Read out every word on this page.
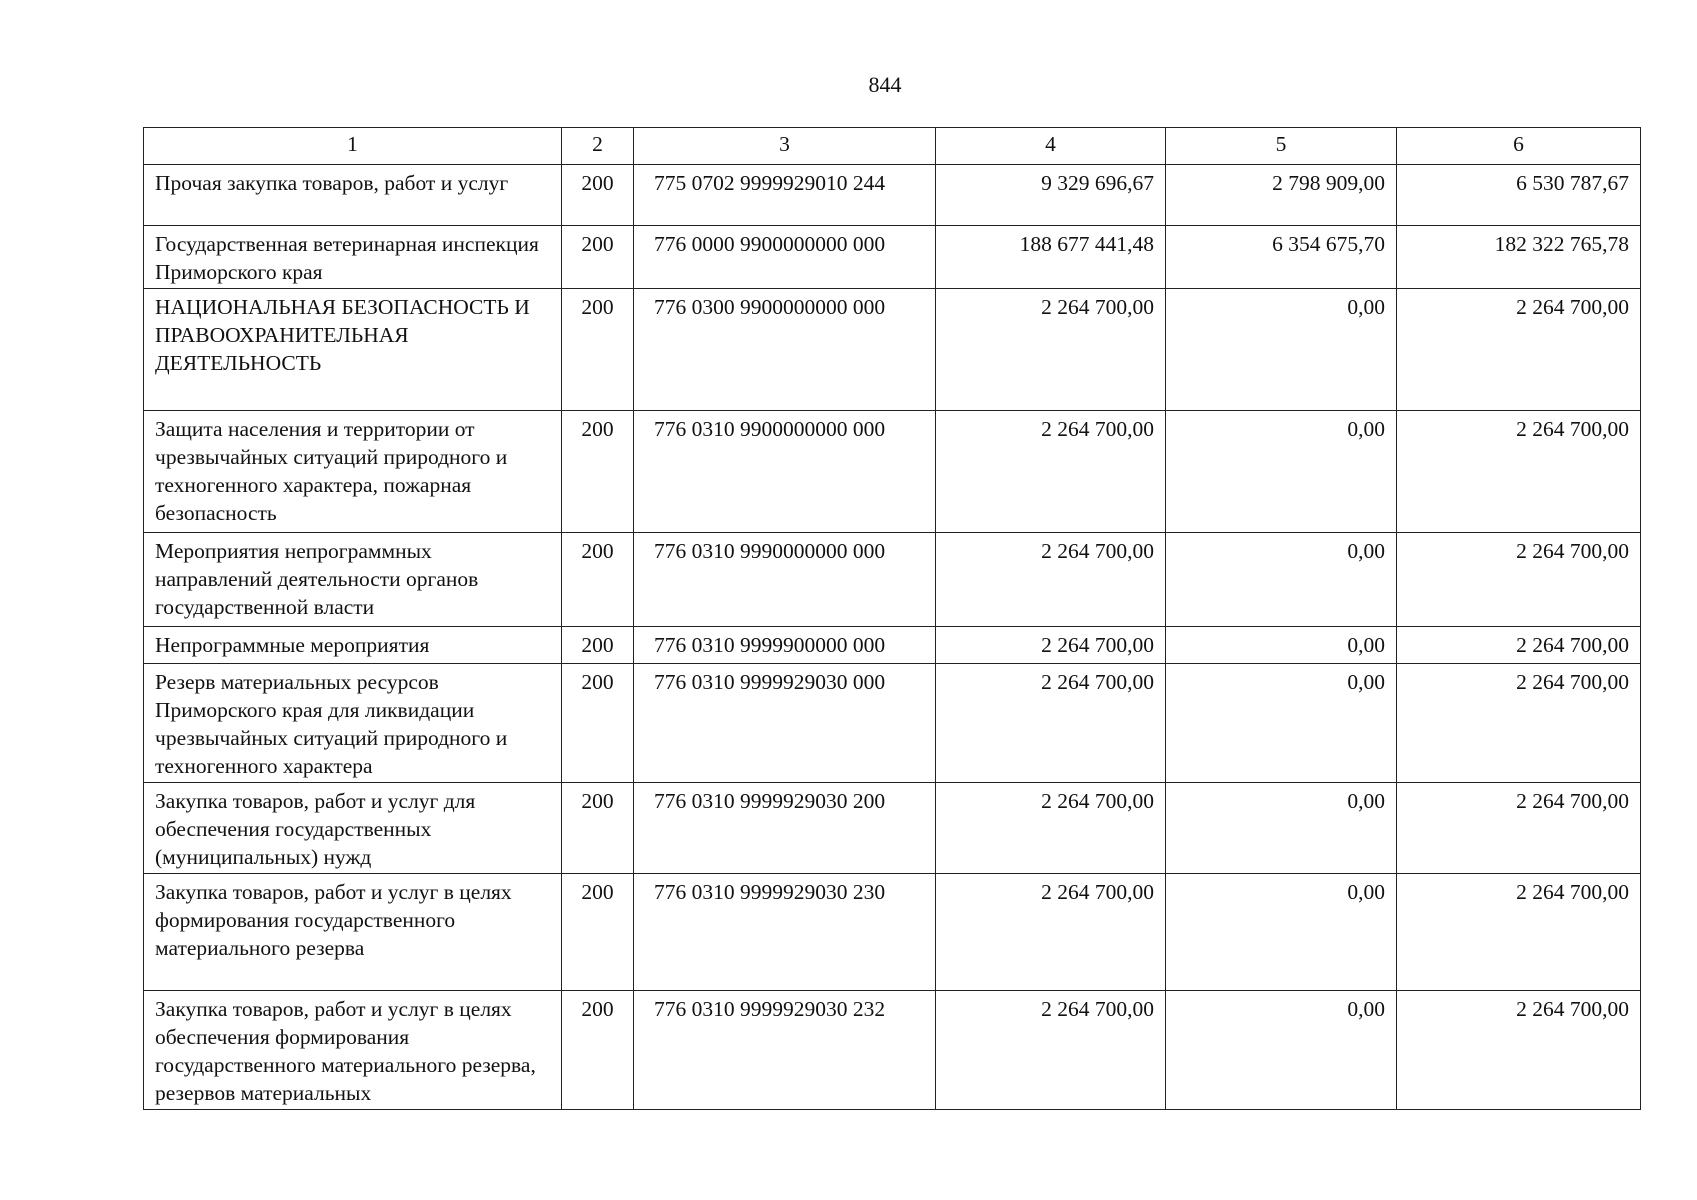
844
1	2	3	4	5	6
Прочая закупка товаров, работ и услуг	200	775 0702 9999929010 244	9 329 696,67	2 798 909,00	6 530 787,67
Государственная ветеринарная инспекция Приморского края	200	776 0000 9900000000 000	188 677 441,48	6 354 675,70	182 322 765,78
НАЦИОНАЛЬНАЯ БЕЗОПАСНОСТЬ И ПРАВООХРАНИТЕЛЬНАЯ ДЕЯТЕЛЬНОСТЬ	200	776 0300 9900000000 000	2 264 700,00	0,00	2 264 700,00
Защита населения и территории от чрезвычайных ситуаций природного и техногенного характера, пожарная безопасность	200	776 0310 9900000000 000	2 264 700,00	0,00	2 264 700,00
Мероприятия непрограммных направлений деятельности органов государственной власти	200	776 0310 9990000000 000	2 264 700,00	0,00	2 264 700,00
Непрограммные мероприятия	200	776 0310 9999900000 000	2 264 700,00	0,00	2 264 700,00
Резерв материальных ресурсов Приморского края для ликвидации чрезвычайных ситуаций природного и техногенного характера	200	776 0310 9999929030 000	2 264 700,00	0,00	2 264 700,00
Закупка товаров, работ и услуг для обеспечения государственных (муниципальных) нужд	200	776 0310 9999929030 200	2 264 700,00	0,00	2 264 700,00
Закупка товаров, работ и услуг в целях формирования государственного материального резерва	200	776 0310 9999929030 230	2 264 700,00	0,00	2 264 700,00
Закупка товаров, работ и услуг в целях обеспечения формирования государственного материального резерва, резервов материальных	200	776 0310 9999929030 232	2 264 700,00	0,00	2 264 700,00
